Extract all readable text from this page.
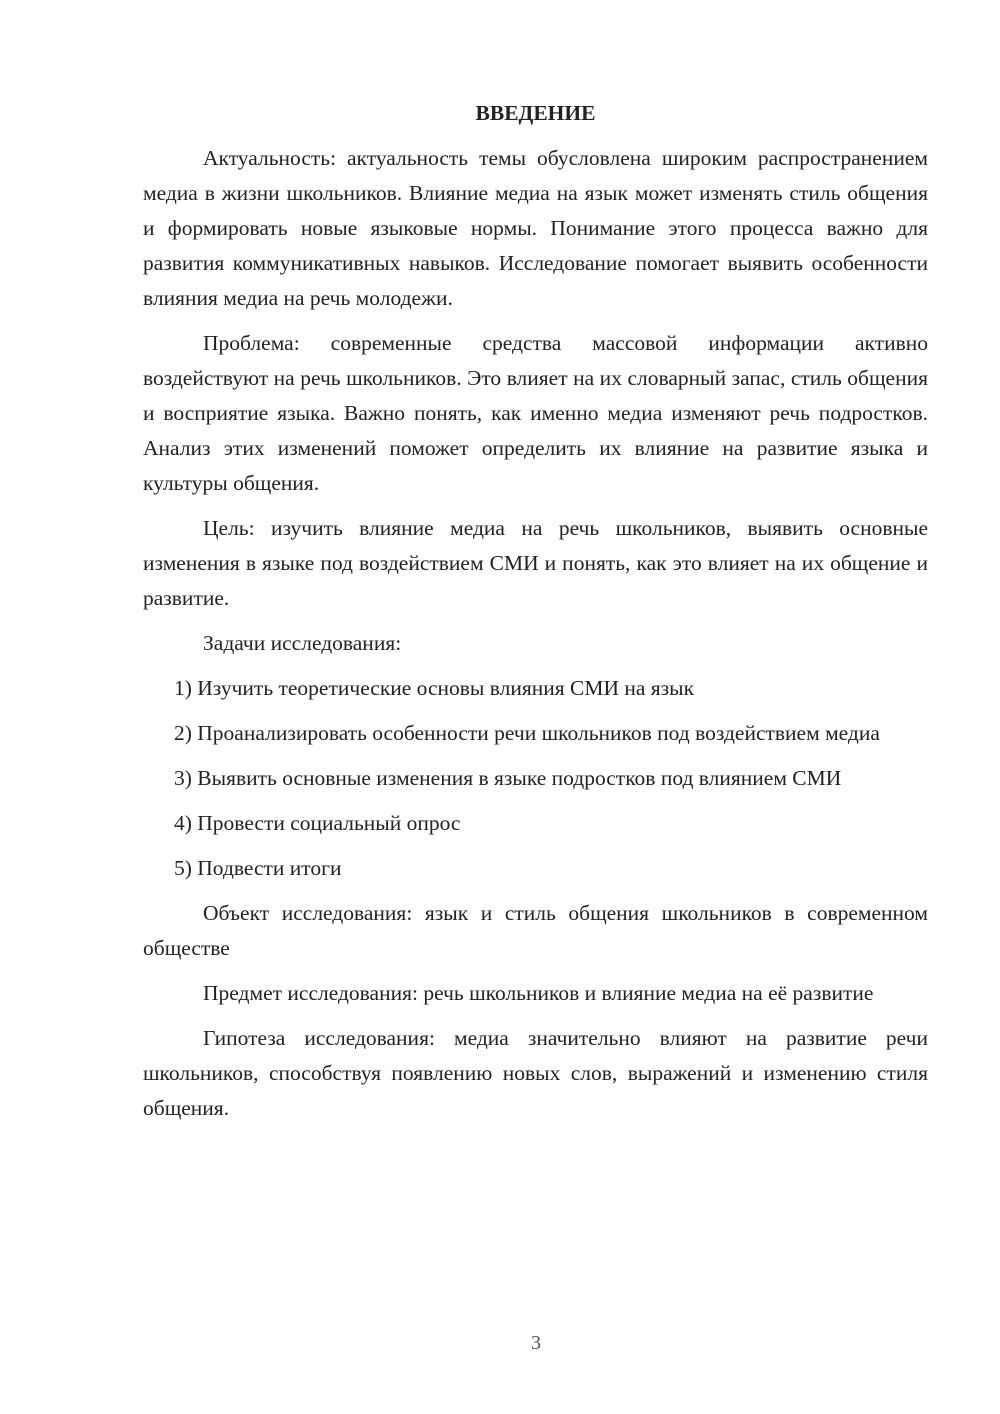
ВВЕДЕНИЕ

Актуальность: актуальность темы обусловлена широким распространением медиа в жизни школьников. Влияние медиа на язык может изменять стиль общения и формировать новые языковые нормы. Понимание этого процесса важно для развития коммуникативных навыков. Исследование помогает выявить особенности влияния медиа на речь молодежи.

Проблема: современные средства массовой информации активно воздействуют на речь школьников. Это влияет на их словарный запас, стиль общения и восприятие языка. Важно понять, как именно медиа изменяют речь подростков. Анализ этих изменений поможет определить их влияние на развитие языка и культуры общения.

Цель: изучить влияние медиа на речь школьников, выявить основные изменения в языке под воздействием СМИ и понять, как это влияет на их общение и развитие.

Задачи исследования:

1) Изучить теоретические основы влияния СМИ на язык

2) Проанализировать особенности речи школьников под воздействием медиа

3) Выявить основные изменения в языке подростков под влиянием СМИ

4) Провести социальный опрос

5) Подвести итоги

Объект исследования: язык и стиль общения школьников в современном обществе

Предмет исследования: речь школьников и влияние медиа на её развитие

Гипотеза исследования: медиа значительно влияют на развитие речи школьников, способствуя появлению новых слов, выражений и изменению стиля общения.

3
